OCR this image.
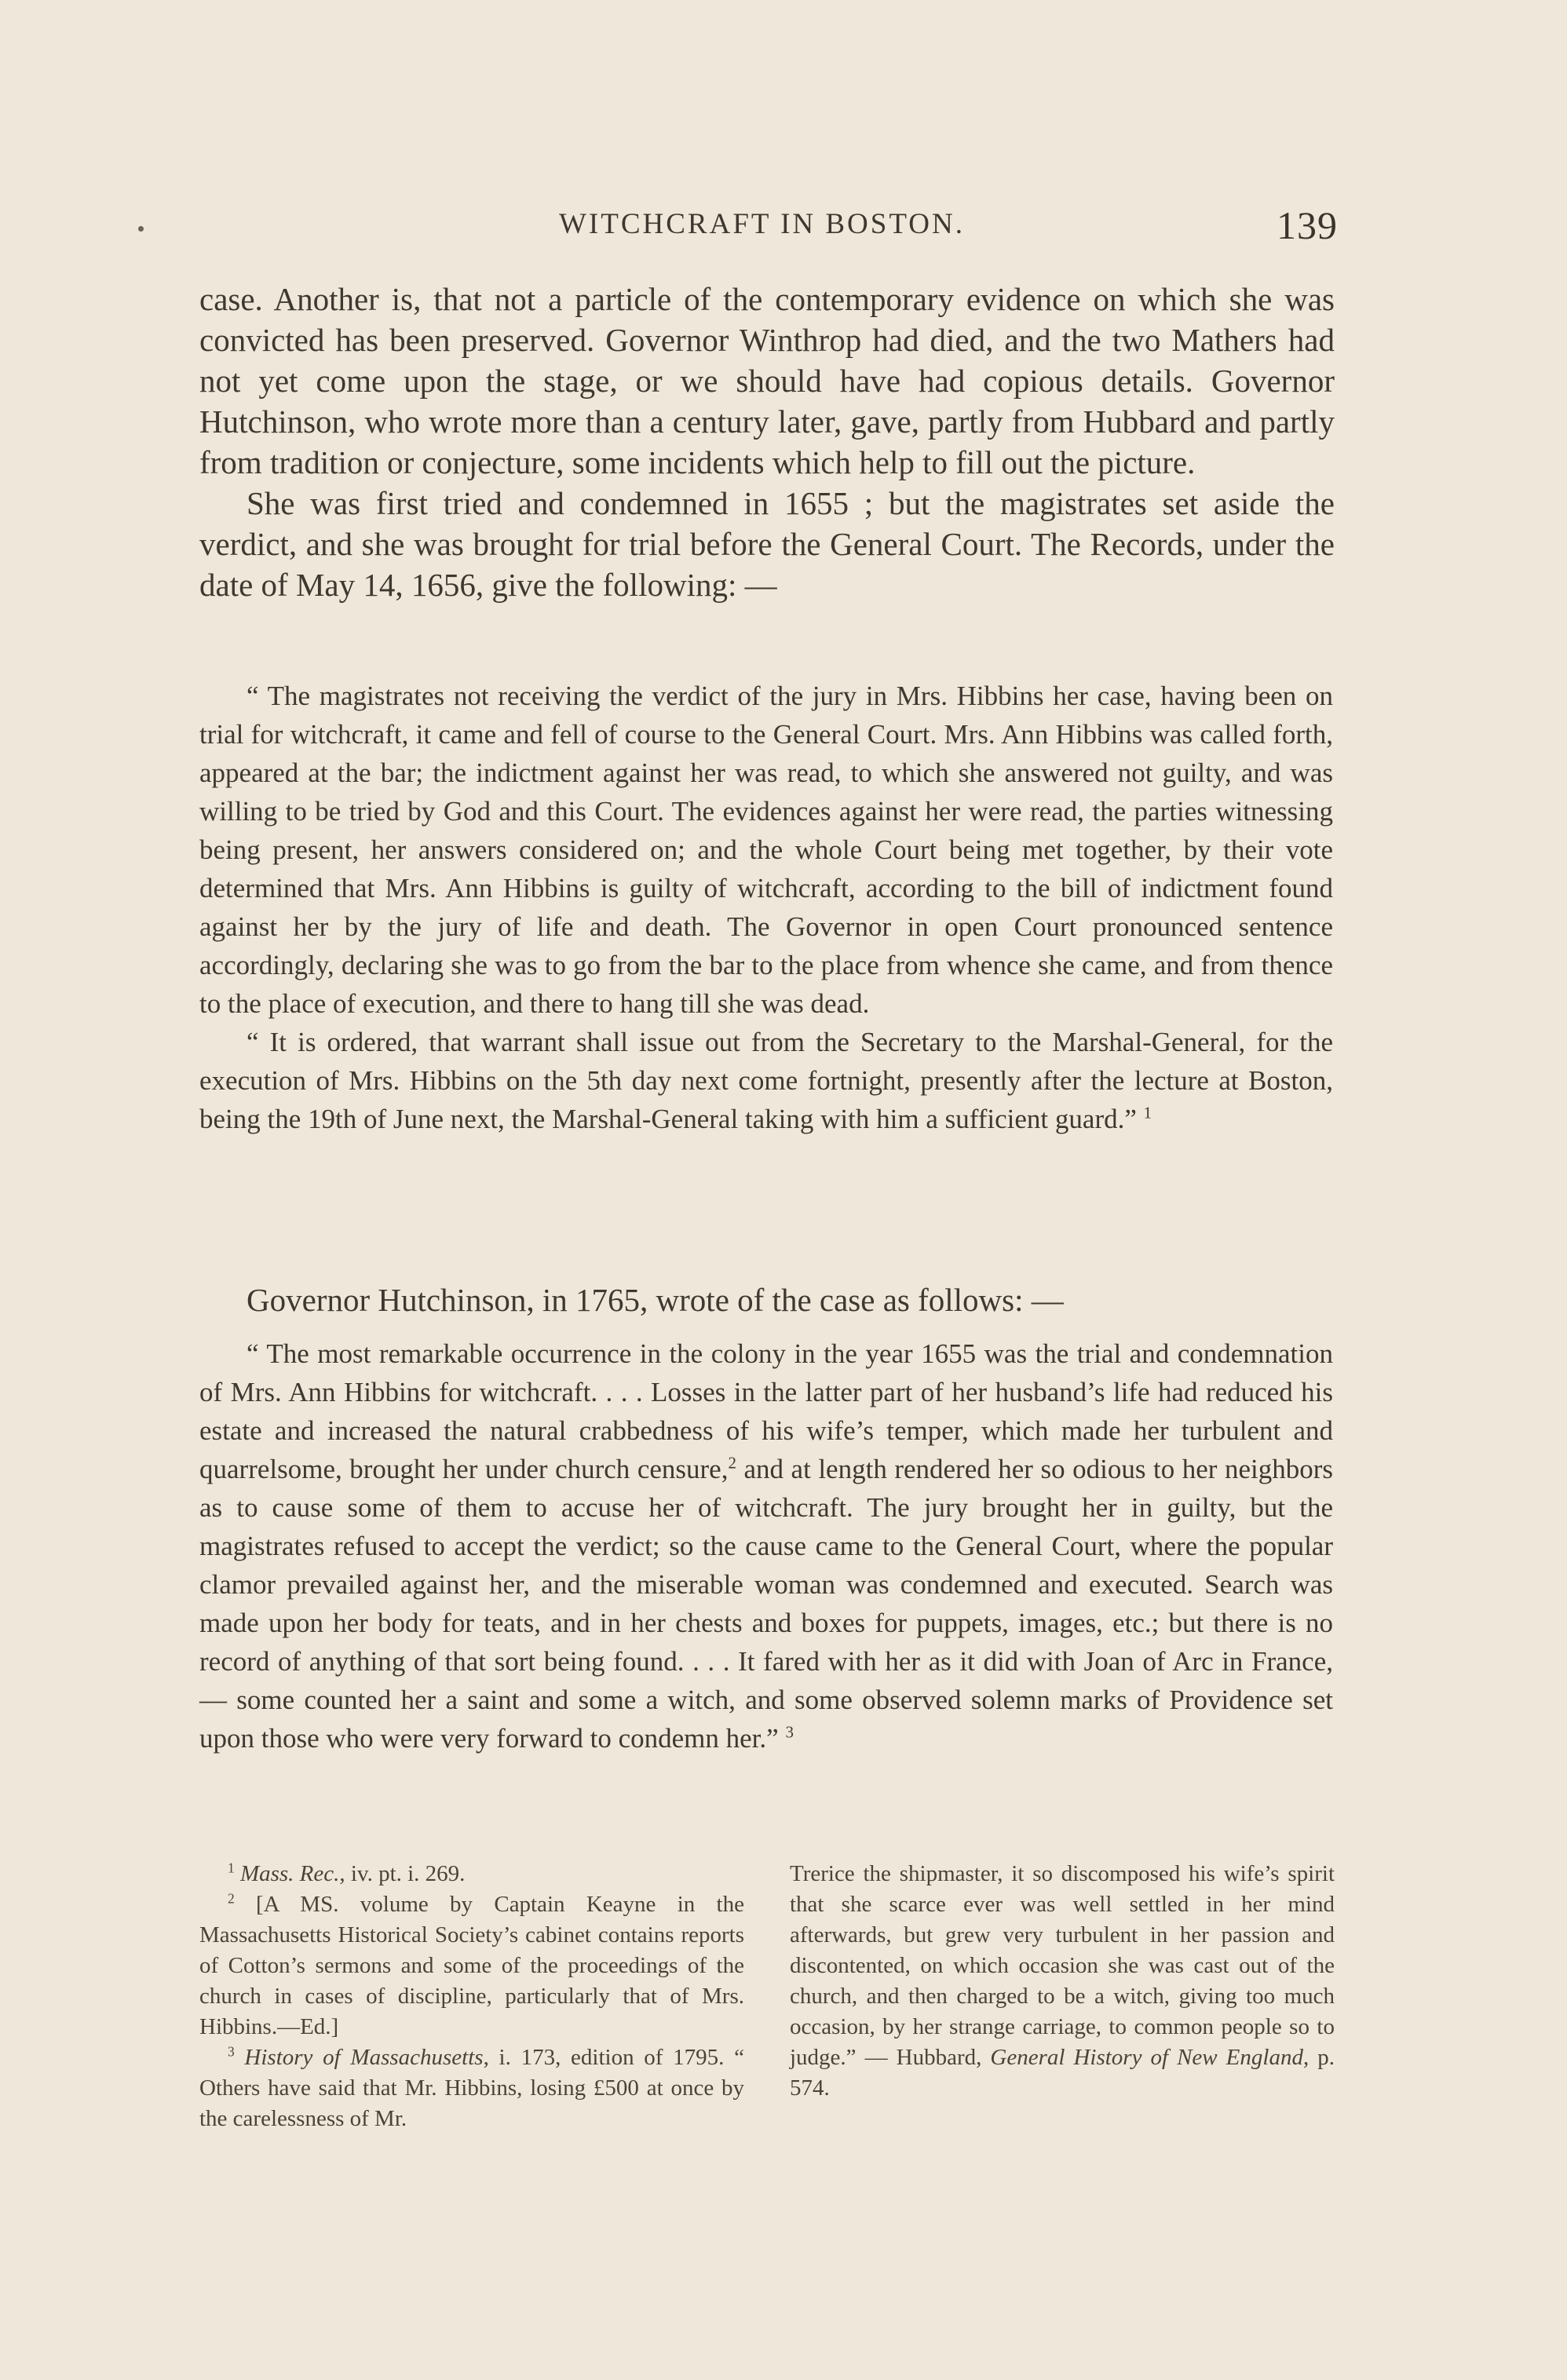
WITCHCRAFT IN BOSTON.	139

case. Another is, that not a particle of the contemporary evidence on which she was convicted has been preserved. Governor Winthrop had died, and the two Mathers had not yet come upon the stage, or we should have had copious details. Governor Hutchinson, who wrote more than a century later, gave, partly from Hubbard and partly from tradition or conjecture, some incidents which help to fill out the picture.

She was first tried and condemned in 1655 ; but the magistrates set aside the verdict, and she was brought for trial before the General Court. The Records, under the date of May 14, 1656, give the following: —

“ The magistrates not receiving the verdict of the jury in Mrs. Hibbins her case, having been on trial for witchcraft, it came and fell of course to the General Court. Mrs. Ann Hibbins was called forth, appeared at the bar; the indictment against her was read, to which she answered not guilty, and was willing to be tried by God and this Court. The evidences against her were read, the parties witnessing being present, her answers considered on; and the whole Court being met together, by their vote determined that Mrs. Ann Hibbins is guilty of witchcraft, according to the bill of indictment found against her by the jury of life and death. The Governor in open Court pronounced sentence accordingly, declaring she was to go from the bar to the place from whence she came, and from thence to the place of execution, and there to hang till she was dead.

“ It is ordered, that warrant shall issue out from the Secretary to the Marshal-General, for the execution of Mrs. Hibbins on the 5th day next come fortnight, presently after the lecture at Boston, being the 19th of June next, the Marshal-General taking with him a sufficient guard.” $^1$

Governor Hutchinson, in 1765, wrote of the case as follows: —

“ The most remarkable occurrence in the colony in the year 1655 was the trial and condemnation of Mrs. Ann Hibbins for witchcraft. . . . Losses in the latter part of her husband’s life had reduced his estate and increased the natural crabbedness of his wife’s temper, which made her turbulent and quarrelsome, brought her under church censure,$^2$ and at length rendered her so odious to her neighbors as to cause some of them to accuse her of witchcraft. The jury brought her in guilty, but the magistrates refused to accept the verdict; so the cause came to the General Court, where the popular clamor prevailed against her, and the miserable woman was condemned and executed. Search was made upon her body for teats, and in her chests and boxes for puppets, images, etc.; but there is no record of anything of that sort being found. . . . It fared with her as it did with Joan of Arc in France, — some counted her a saint and some a witch, and some observed solemn marks of Providence set upon those who were very forward to condemn her.” $^3$

$^1$ Mass. Rec., iv. pt. i. 269.

$^2$ [A MS. volume by Captain Keayne in the Massachusetts Historical Society’s cabinet contains reports of Cotton’s sermons and some of the proceedings of the church in cases of discipline, particularly that of Mrs. Hibbins.—Ed.]

$^3$ History of Massachusetts, i. 173, edition of 1795. “ Others have said that Mr. Hibbins, losing £500 at once by the carelessness of Mr.

Trerice the shipmaster, it so discomposed his wife’s spirit that she scarce ever was well settled in her mind afterwards, but grew very turbulent in her passion and discontented, on which occasion she was cast out of the church, and then charged to be a witch, giving too much occasion, by her strange carriage, to common people so to judge.” — Hubbard, General History of New England, p. 574.
